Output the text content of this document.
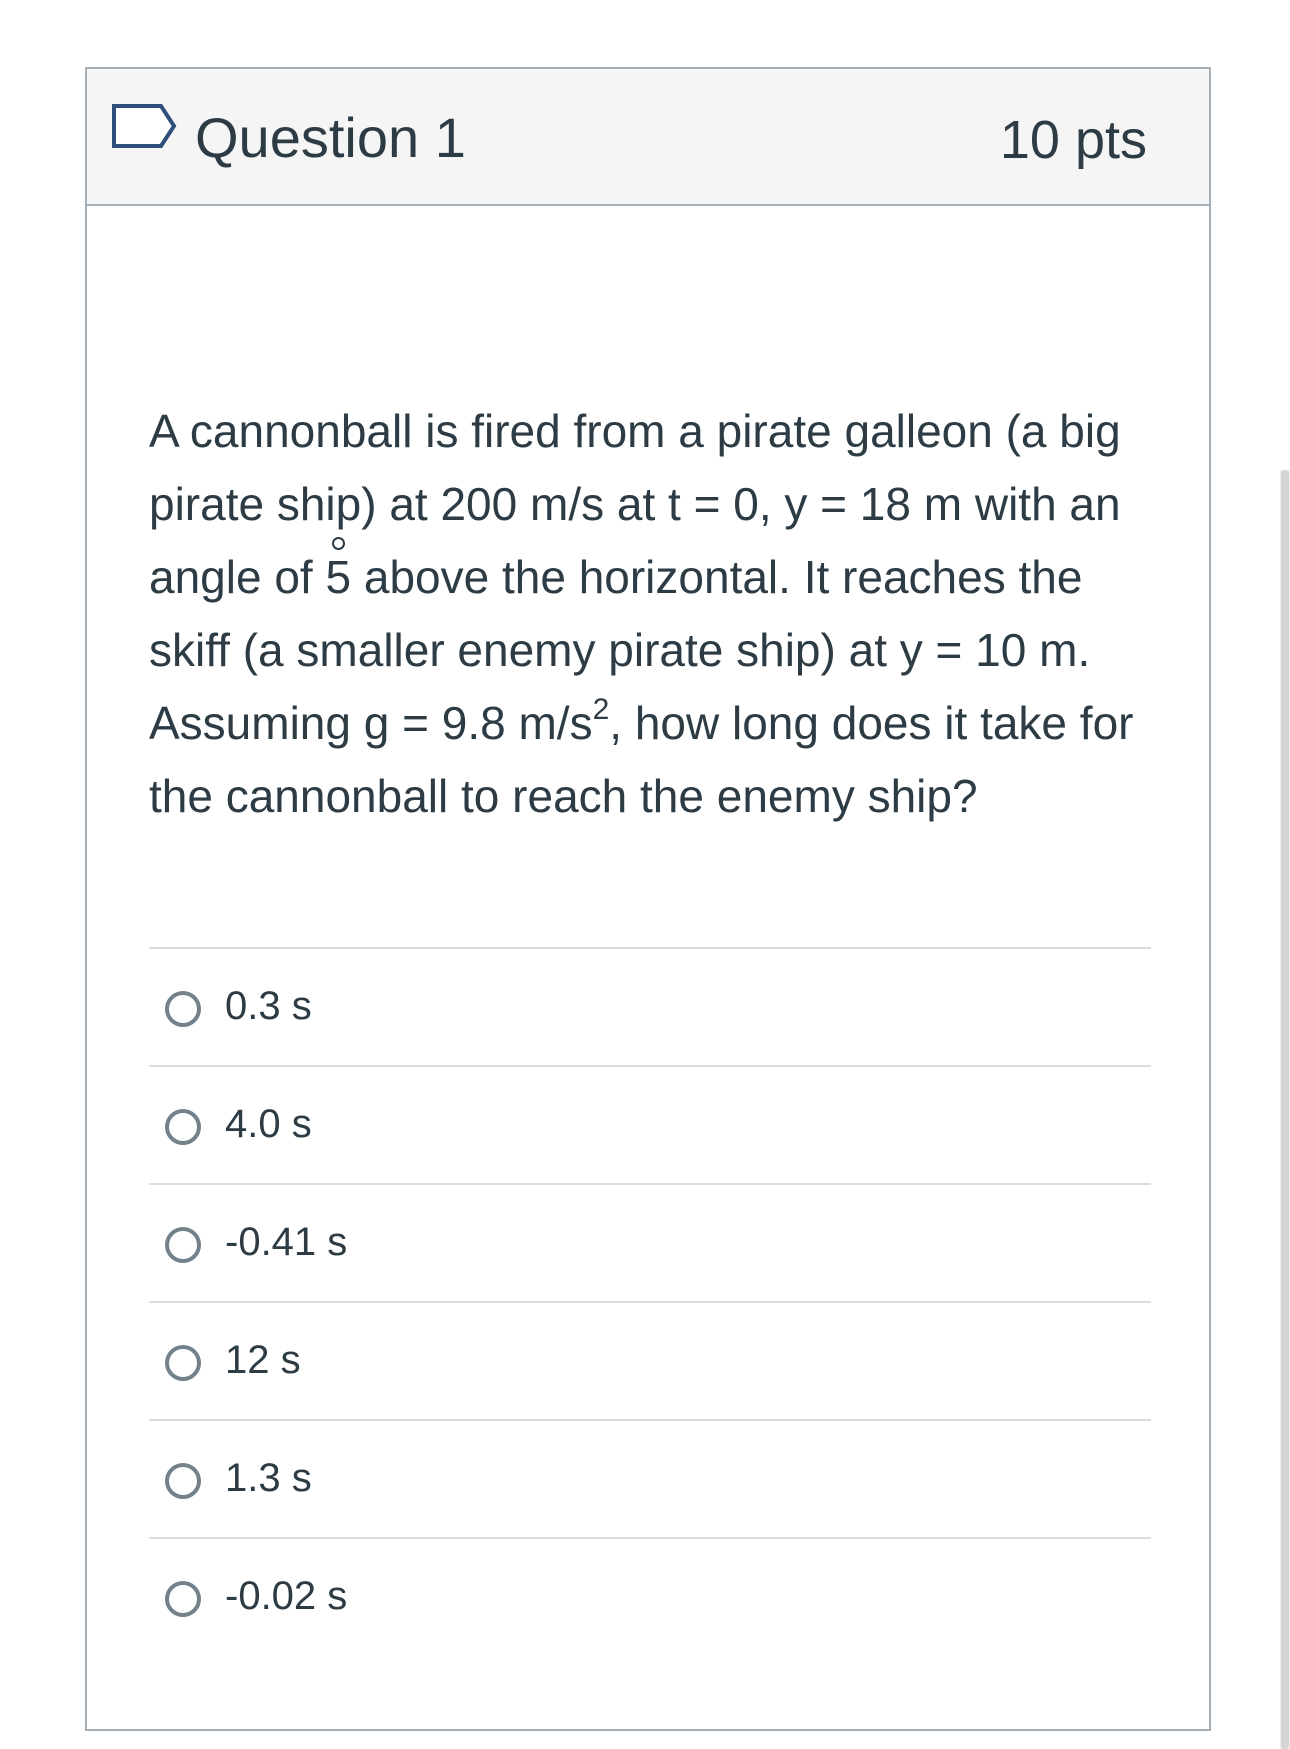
Question 1	10 pts
A cannonball is fired from a pirate galleon (a big pirate ship) at 200 m/s at t = 0, y = 18 m with an angle of 5 above the horizontal. It reaches the skiff (a smaller enemy pirate ship) at y = 10 m. Assuming g = 9.8 $m/s^2$, how long does it take for the cannonball to reach the enemy ship?
0.3 s
4.0 s
-0.41 s
12 s
1.3 s
-0.02 s
